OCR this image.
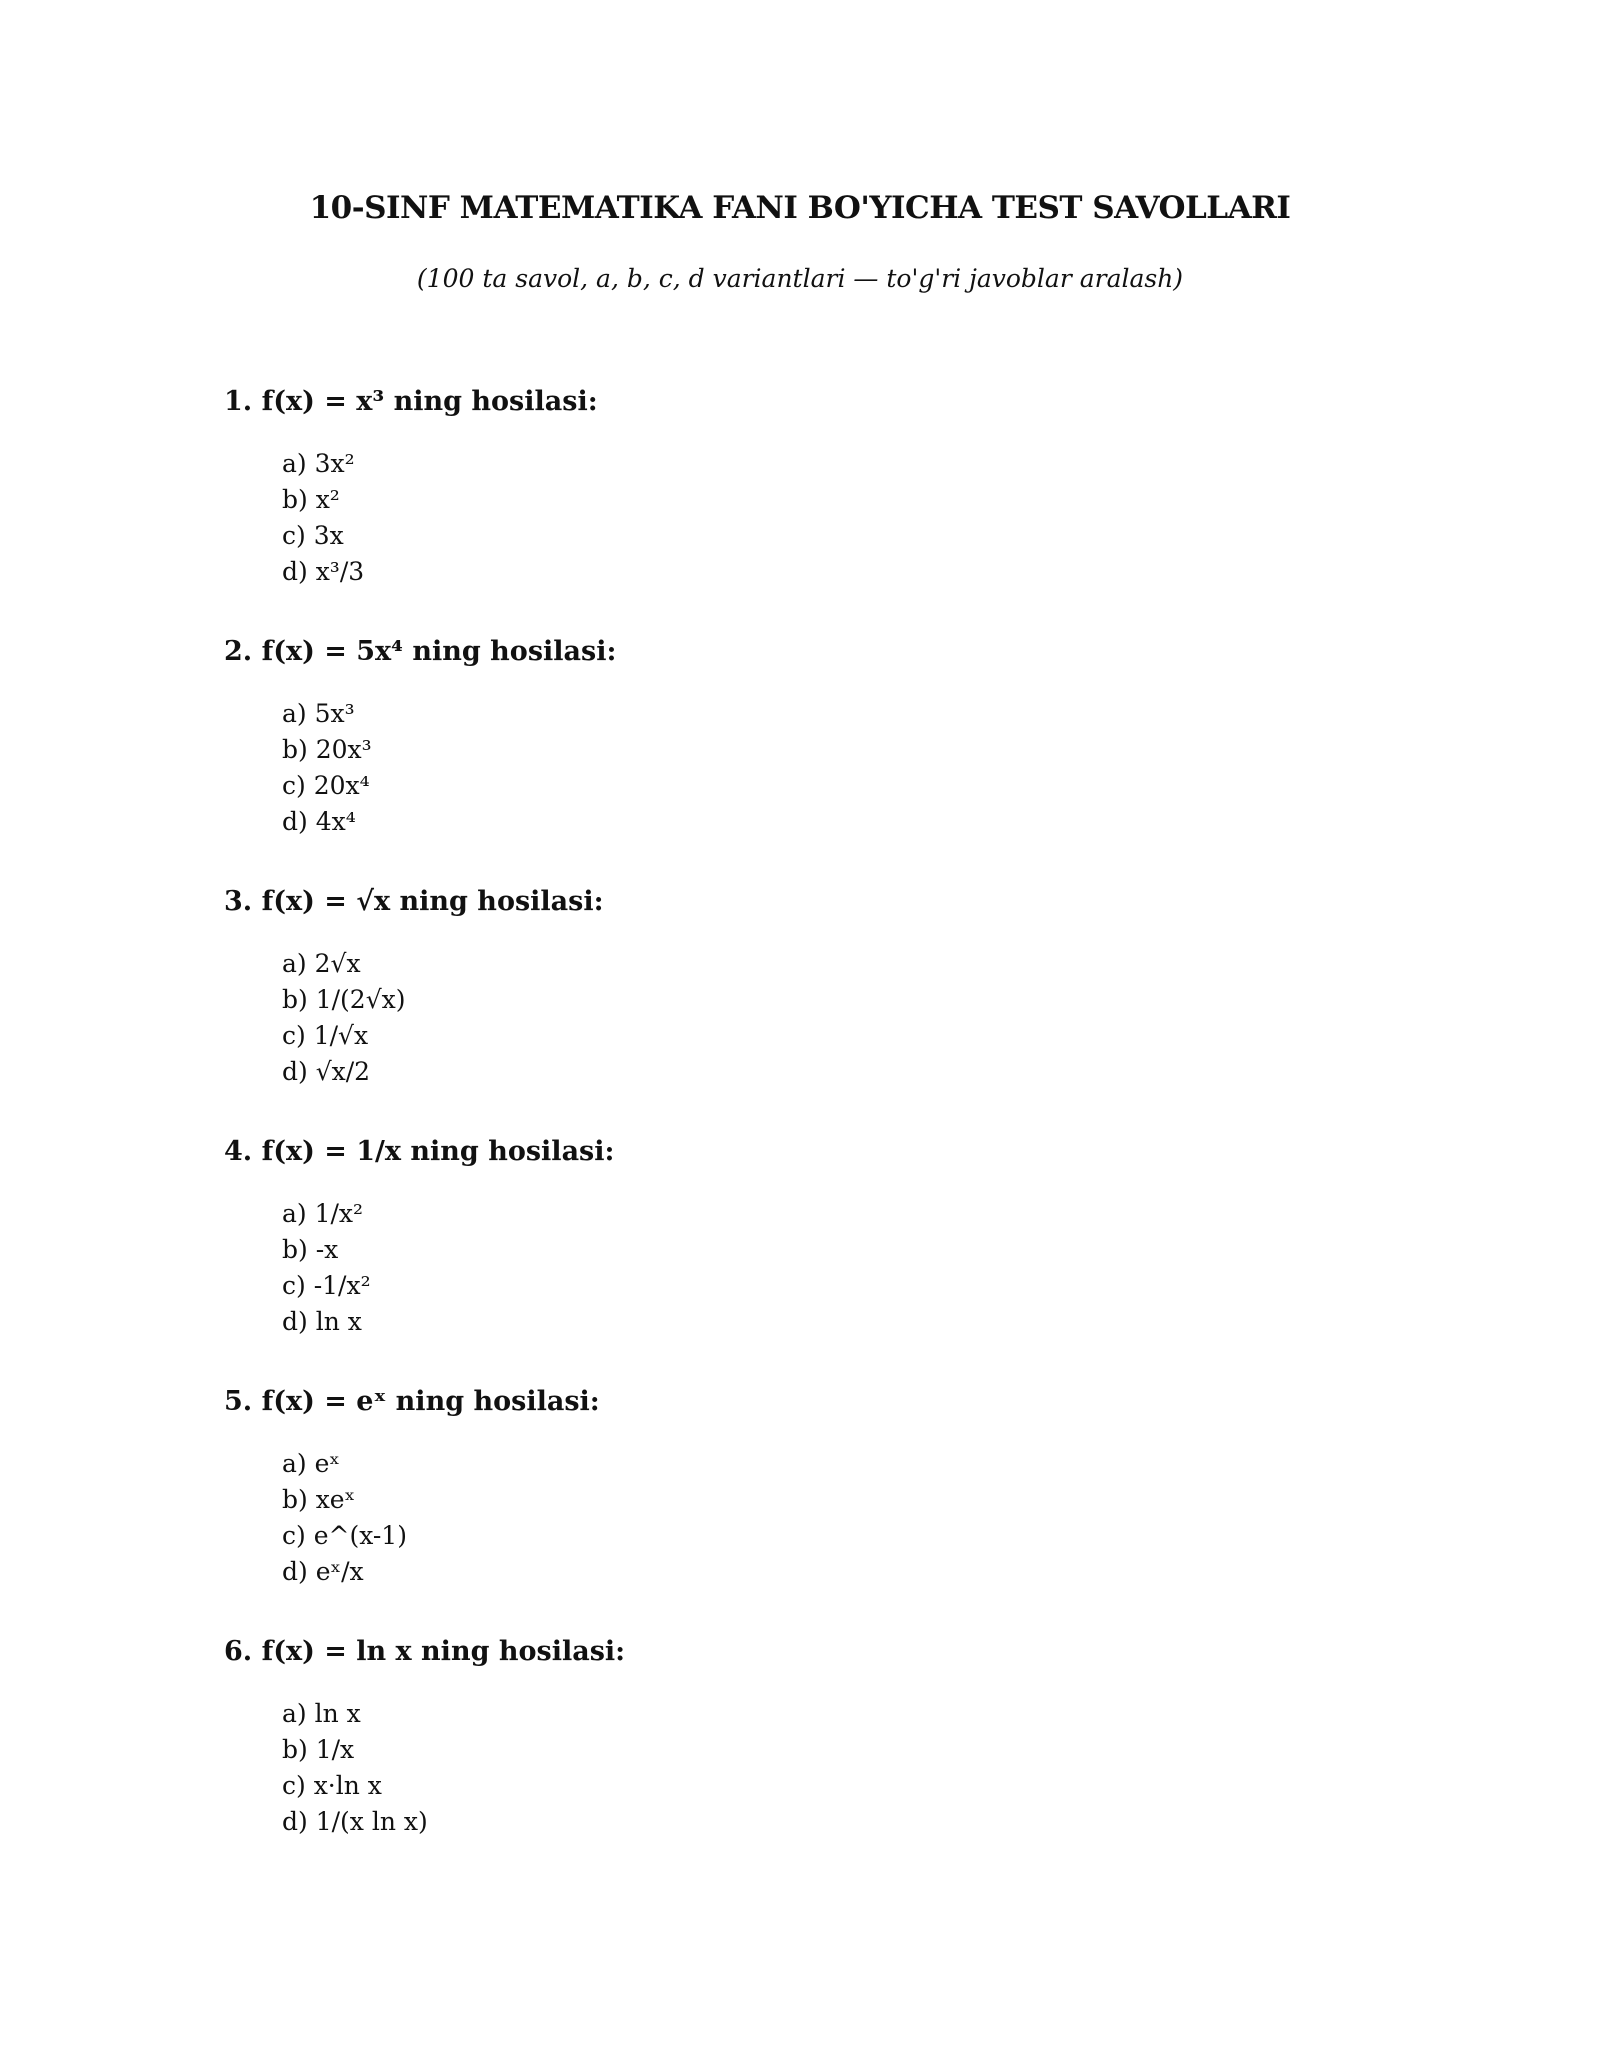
10-SINF MATEMATIKA FANI BO'YICHA TEST SAVOLLARI
(100 ta savol, a, b, c, d variantlari — to'g'ri javoblar aralash)
1. f(x) = x³ ning hosilasi:
a) 3x²
b) x²
c) 3x
d) x³/3
2. f(x) = 5x⁴ ning hosilasi:
a) 5x³
b) 20x³
c) 20x⁴
d) 4x⁴
3. f(x) = √x ning hosilasi:
a) 2√x
b) 1/(2√x)
c) 1/√x
d) √x/2
4. f(x) = 1/x ning hosilasi:
a) 1/x²
b) -x
c) -1/x²
d) ln x
5. f(x) = eˣ ning hosilasi:
a) eˣ
b) xeˣ
c) e^(x-1)
d) eˣ/x
6. f(x) = ln x ning hosilasi:
a) ln x
b) 1/x
c) x·ln x
d) 1/(x ln x)
